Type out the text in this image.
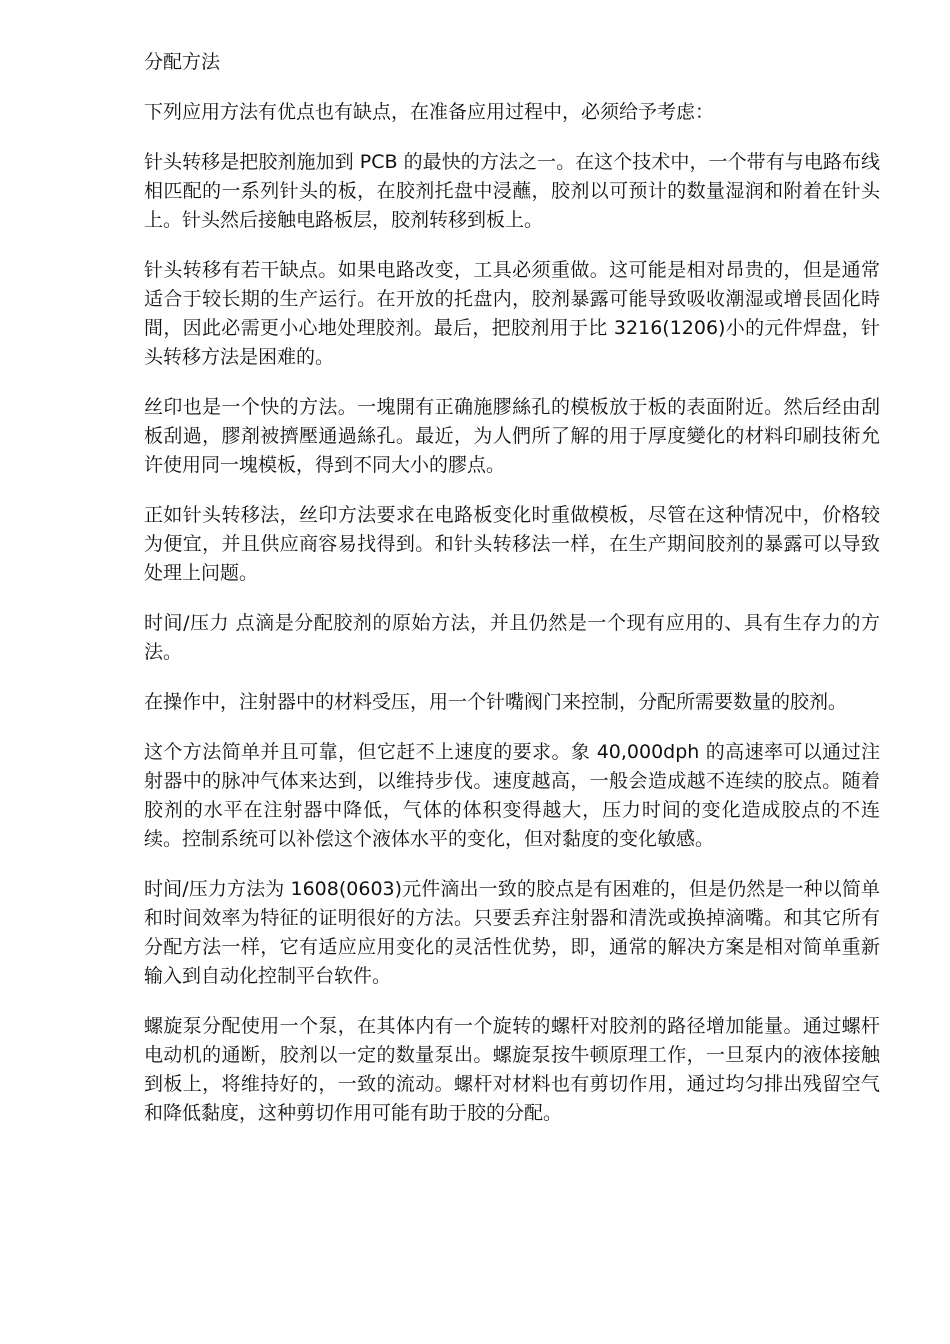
分配方法

下列应用方法有优点也有缺点，在准备应用过程中，必须给予考虑：

针头转移是把胶剂施加到 PCB 的最快的方法之一。在这个技术中，一个带有与电路布线相匹配的一系列针头的板，在胶剂托盘中浸蘸，胶剂以可预计的数量湿润和附着在针头上。针头然后接触电路板层，胶剂转移到板上。

针头转移有若干缺点。如果电路改变，工具必须重做。这可能是相对昂贵的，但是通常适合于较长期的生产运行。在开放的托盘内，胶剂暴露可能导致吸收潮湿或增長固化時間，因此必需更小心地处理胶剂。最后，把胶剂用于比 3216(1206)小的元件焊盘，针头转移方法是困难的。

丝印也是一个快的方法。一塊開有正确施膠絲孔的模板放于板的表面附近。然后经由刮板刮過，膠剤被擠壓通過絲孔。最近，为人們所了解的用于厚度變化的材料印刷技術允许使用同一塊模板，得到不同大小的膠点。

正如针头转移法，丝印方法要求在电路板变化时重做模板，尽管在这种情况中，价格较为便宜，并且供应商容易找得到。和针头转移法一样，在生产期间胶剂的暴露可以导致处理上问题。

时间/压力 点滴是分配胶剂的原始方法，并且仍然是一个现有应用的、具有生存力的方法。

在操作中，注射器中的材料受压，用一个针嘴阀门来控制，分配所需要数量的胶剂。

这个方法简单并且可靠，但它赶不上速度的要求。象 40,000dph 的高速率可以通过注射器中的脉冲气体来达到，以维持步伐。速度越高，一般会造成越不连续的胶点。随着胶剂的水平在注射器中降低，气体的体积变得越大，压力时间的变化造成胶点的不连续。控制系统可以补偿这个液体水平的变化，但对黏度的变化敏感。

时间/压力方法为 1608(0603)元件滴出一致的胶点是有困难的，但是仍然是一种以简单和时间效率为特征的证明很好的方法。只要丢弃注射器和清洗或换掉滴嘴。和其它所有分配方法一样，它有适应应用变化的灵活性优势，即，通常的解决方案是相对简单重新输入到自动化控制平台软件。

螺旋泵分配使用一个泵，在其体内有一个旋转的螺杆对胶剂的路径增加能量。通过螺杆电动机的通断，胶剂以一定的数量泵出。螺旋泵按牛顿原理工作，一旦泵内的液体接触到板上，将维持好的，一致的流动。螺杆对材料也有剪切作用，通过均匀排出残留空气和降低黏度，这种剪切作用可能有助于胶的分配。
